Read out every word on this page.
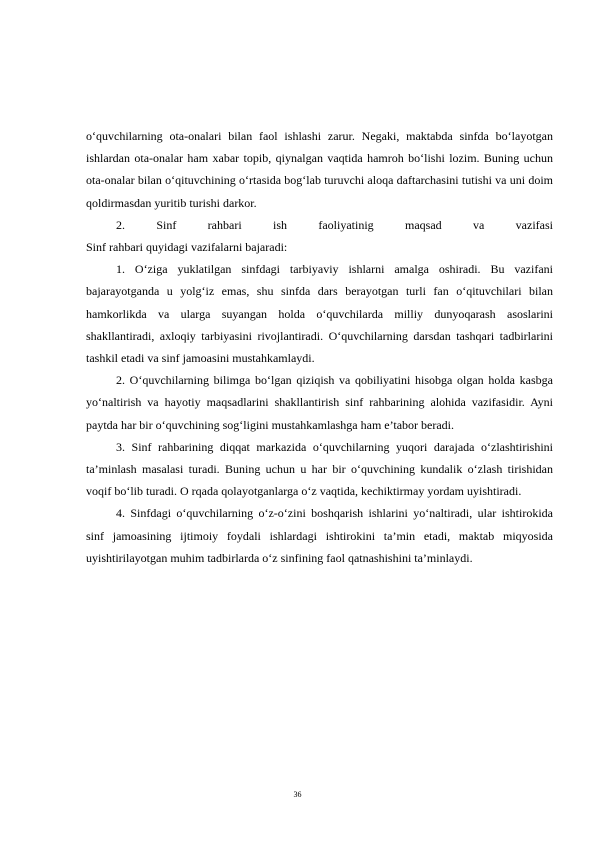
o‘quvchilarning ota-onalari bilan faol ishlashi zarur. Negaki, maktabda sinfda bo‘layotgan ishlardan ota-onalar ham xabar topib, qiynalgan vaqtida hamroh bo‘lishi lozim. Buning uchun ota-onalar bilan o‘qituvchining o‘rtasida bog‘lab turuvchi aloqa daftarchasini tutishi va uni doim qoldirmasdan yuritib turishi darkor.

2. Sinf rahbari ish faoliyatinig maqsad va vazifasi

Sinf rahbari quyidagi vazifalarni bajaradi:

1. O‘ziga yuklatilgan sinfdagi tarbiyaviy ishlarni amalga oshiradi. Bu vazifani bajarayotganda u yolg‘iz emas, shu sinfda dars berayotgan turli fan o‘qituvchilari bilan hamkorlikda va ularga suyangan holda o‘quvchilarda milliy dunyoqarash asoslarini shakllantiradi, axloqiy tarbiyasini rivojlantiradi. O‘quvchilarning darsdan tashqari tadbirlarini tashkil etadi va sinf jamoasini mustahkamlaydi.

2. O‘quvchilarning bilimga bo‘lgan qiziqish va qobiliyatini hisobga olgan holda kasbga yo‘naltirish va hayotiy maqsadlarini shakllantirish sinf rahbarining alohida vazifasidir. Ayni paytda har bir o‘quvchining sog‘ligini mustahkamlashga ham e’tabor beradi.

3. Sinf rahbarining diqqat markazida o‘quvchilarning yuqori darajada o‘zlashtirishini ta’minlash masalasi turadi. Buning uchun u har bir o‘quvchining kundalik o‘zlash tirishidan voqif bo‘lib turadi. O rqada qolayotganlarga o‘z vaqtida, kechiktirmay yordam uyishtiradi.

4. Sinfdagi o‘quvchilarning o‘z-o‘zini boshqarish ishlarini yo‘naltiradi, ular ishtirokida sinf jamoasining ijtimoiy foydali ishlardagi ishtirokini ta’min etadi, maktab miqyosida uyishtirilayotgan muhim tadbirlarda o‘z sinfining faol qatnashishini ta’minlaydi.

36
